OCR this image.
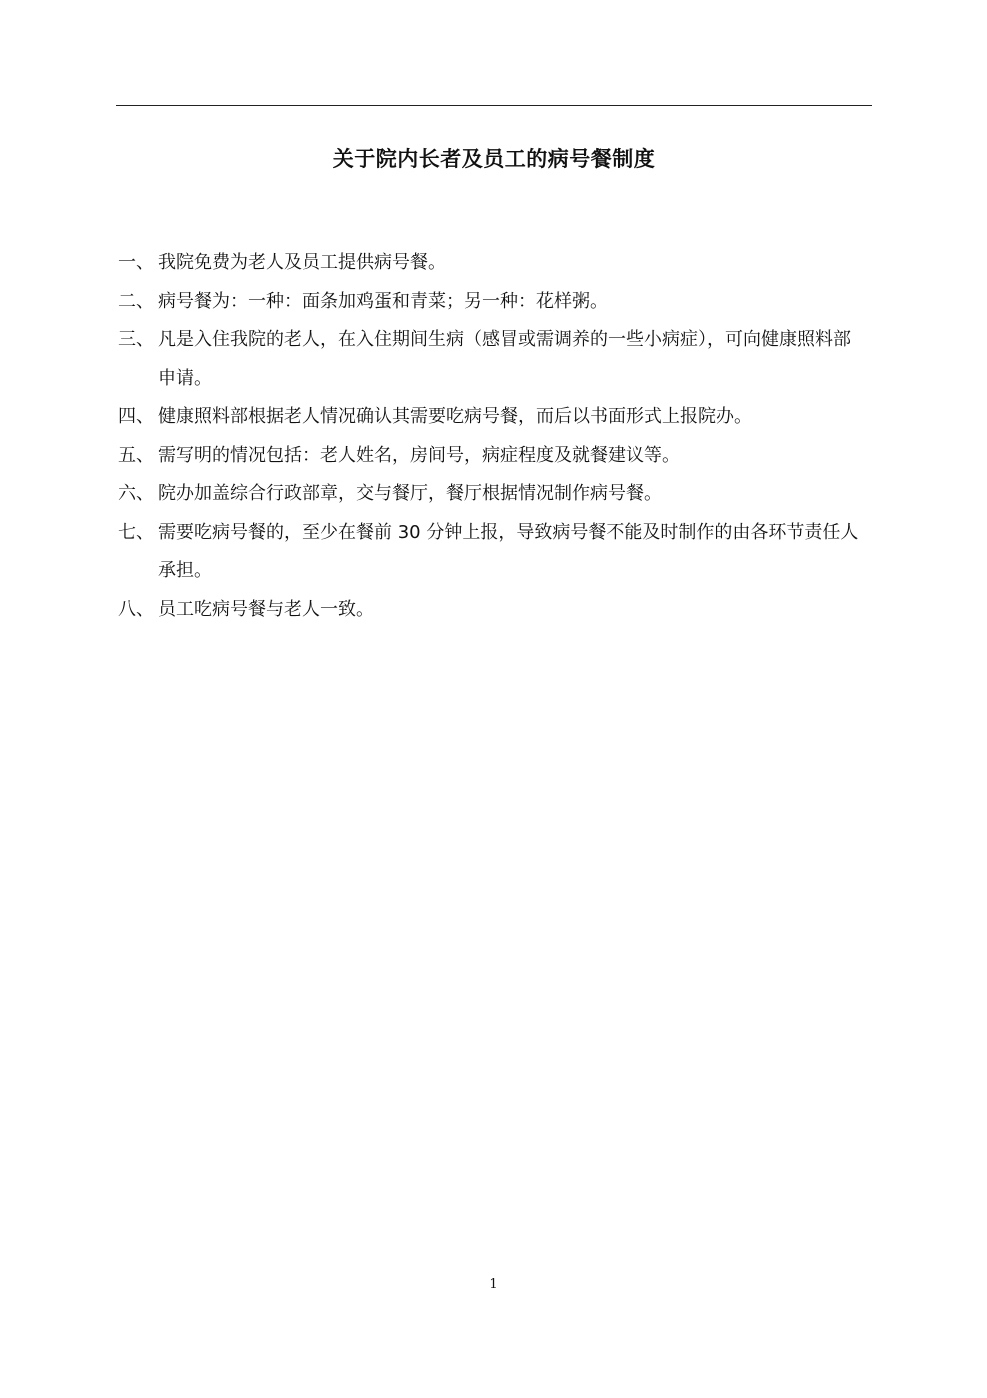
关于院内长者及员工的病号餐制度
一、 我院免费为老人及员工提供病号餐。
二、 病号餐为：一种：面条加鸡蛋和青菜；另一种：花样粥。
三、 凡是入住我院的老人，在入住期间生病（感冒或需调养的一些小病症），可向健康照料部申请。
四、 健康照料部根据老人情况确认其需要吃病号餐，而后以书面形式上报院办。
五、 需写明的情况包括：老人姓名，房间号，病症程度及就餐建议等。
六、 院办加盖综合行政部章，交与餐厅，餐厅根据情况制作病号餐。
七、 需要吃病号餐的，至少在餐前 30 分钟上报，导致病号餐不能及时制作的由各环节责任人承担。
八、 员工吃病号餐与老人一致。
1
